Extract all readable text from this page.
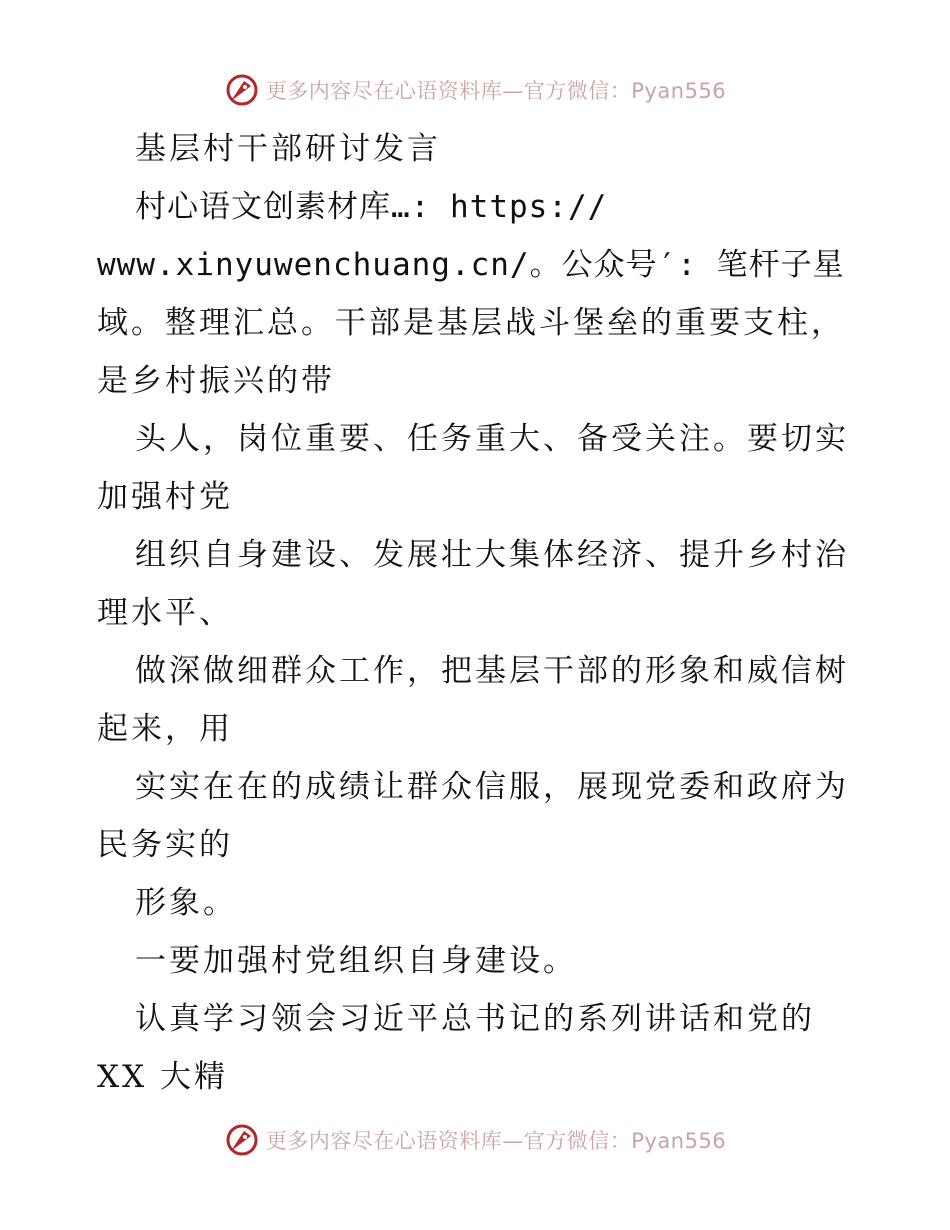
更多内容尽在心语资料库—官方微信：Pyan556
基层村干部研讨发言
村心语文创素材库…: https://
www.xinyuwenchuang.cn/。公众号′: 笔杆子星
域。整理汇总。干部是基层战斗堡垒的重要支柱，
是乡村振兴的带
头人，岗位重要、任务重大、备受关注。要切实
加强村党
组织自身建设、发展壮大集体经济、提升乡村治
理水平、
做深做细群众工作，把基层干部的形象和威信树
起来，用
实实在在的成绩让群众信服，展现党委和政府为
民务实的
形象。
一要加强村党组织自身建设。
认真学习领会习近平总书记的系列讲话和党的
XX 大精
更多内容尽在心语资料库—官方微信：Pyan556
